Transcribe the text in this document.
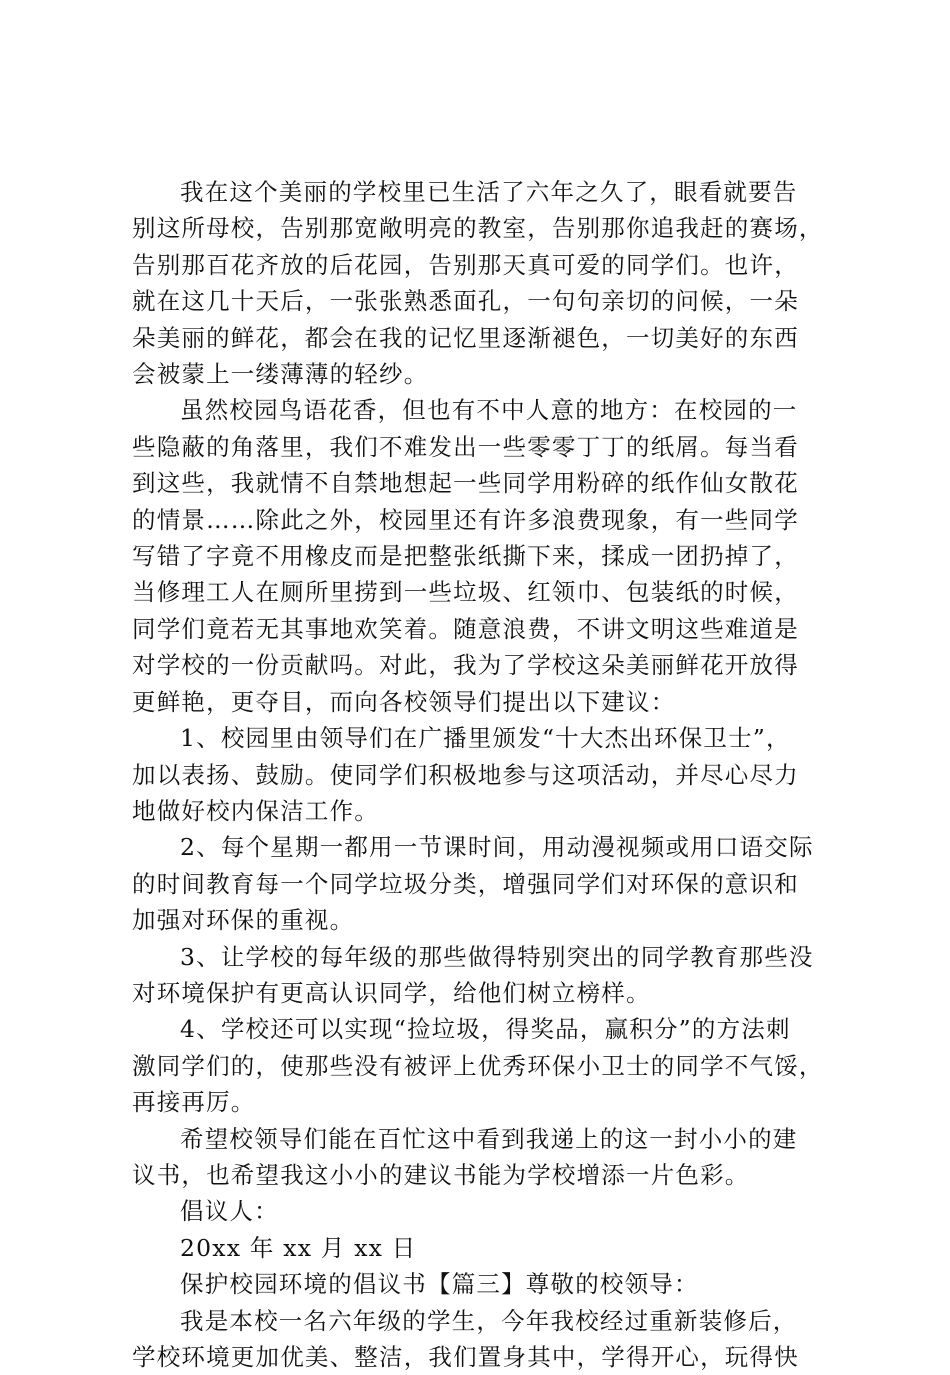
我在这个美丽的学校里已生活了六年之久了，眼看就要告
别这所母校，告别那宽敞明亮的教室，告别那你追我赶的赛场，
告别那百花齐放的后花园，告别那天真可爱的同学们。也许，
就在这几十天后，一张张熟悉面孔，一句句亲切的问候，一朵
朵美丽的鲜花，都会在我的记忆里逐渐褪色，一切美好的东西
会被蒙上一缕薄薄的轻纱。
虽然校园鸟语花香，但也有不中人意的地方：在校园的一
些隐蔽的角落里，我们不难发出一些零零丁丁的纸屑。每当看
到这些，我就情不自禁地想起一些同学用粉碎的纸作仙女散花
的情景……除此之外，校园里还有许多浪费现象，有一些同学
写错了字竟不用橡皮而是把整张纸撕下来，揉成一团扔掉了，
当修理工人在厕所里捞到一些垃圾、红领巾、包装纸的时候，
同学们竟若无其事地欢笑着。随意浪费，不讲文明这些难道是
对学校的一份贡献吗。对此，我为了学校这朵美丽鲜花开放得
更鲜艳，更夺目，而向各校领导们提出以下建议：
1、校园里由领导们在广播里颁发“十大杰出环保卫士”，
加以表扬、鼓励。使同学们积极地参与这项活动，并尽心尽力
地做好校内保洁工作。
2、每个星期一都用一节课时间，用动漫视频或用口语交际
的时间教育每一个同学垃圾分类，增强同学们对环保的意识和
加强对环保的重视。
3、让学校的每年级的那些做得特别突出的同学教育那些没
对环境保护有更高认识同学，给他们树立榜样。
4、学校还可以实现“捡垃圾，得奖品，赢积分”的方法刺
激同学们的，使那些没有被评上优秀环保小卫士的同学不气馁，
再接再厉。
希望校领导们能在百忙这中看到我递上的这一封小小的建
议书，也希望我这小小的建议书能为学校增添一片色彩。
倡议人：
20xx 年 xx 月 xx 日
保护校园环境的倡议书【篇三】尊敬的校领导：
我是本校一名六年级的学生，今年我校经过重新装修后，
学校环境更加优美、整洁，我们置身其中，学得开心，玩得快
